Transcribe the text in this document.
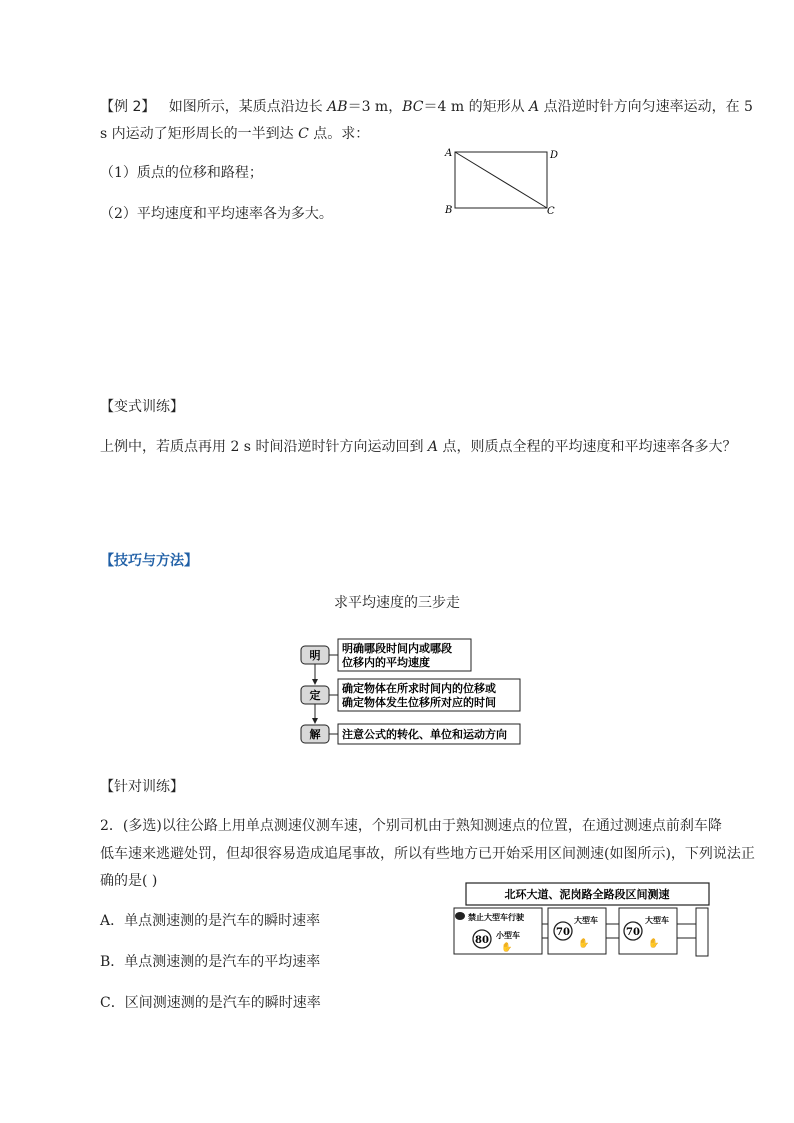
【例 2】 如图所示，某质点沿边长 AB＝3 m，BC＝4 m 的矩形从 A 点沿逆时针方向匀速率运动，在 5
s 内运动了矩形周长的一半到达 C 点。求：
（1）质点的位移和路程；
（2）平均速度和平均速率各为多大。
A	D
B	C
【变式训练】
上例中，若质点再用 2 s 时间沿逆时针方向运动回到 A 点，则质点全程的平均速度和平均速率各多大？
【技巧与方法】
求平均速度的三步走
明
明确哪段时间内或哪段
位移内的平均速度
定
确定物体在所求时间内的位移或
确定物体发生位移所对应的时间
解 注意公式的转化、单位和运动方向
【针对训练】
2．(多选)以往公路上用单点测速仪测车速，个别司机由于熟知测速点的位置，在通过测速点前刹车降
低车速来逃避处罚，但却很容易造成追尾事故，所以有些地方已开始采用区间测速(如图所示)，下列说法正
确的是( )
A．单点测速测的是汽车的瞬时速率
B．单点测速测的是汽车的平均速率
C．区间测速测的是汽车的瞬时速率
北环大道、泥岗路全路段区间测速
禁止大型车行驶
80 小型车
✋
70
大型车
✋
70
大型车
✋
